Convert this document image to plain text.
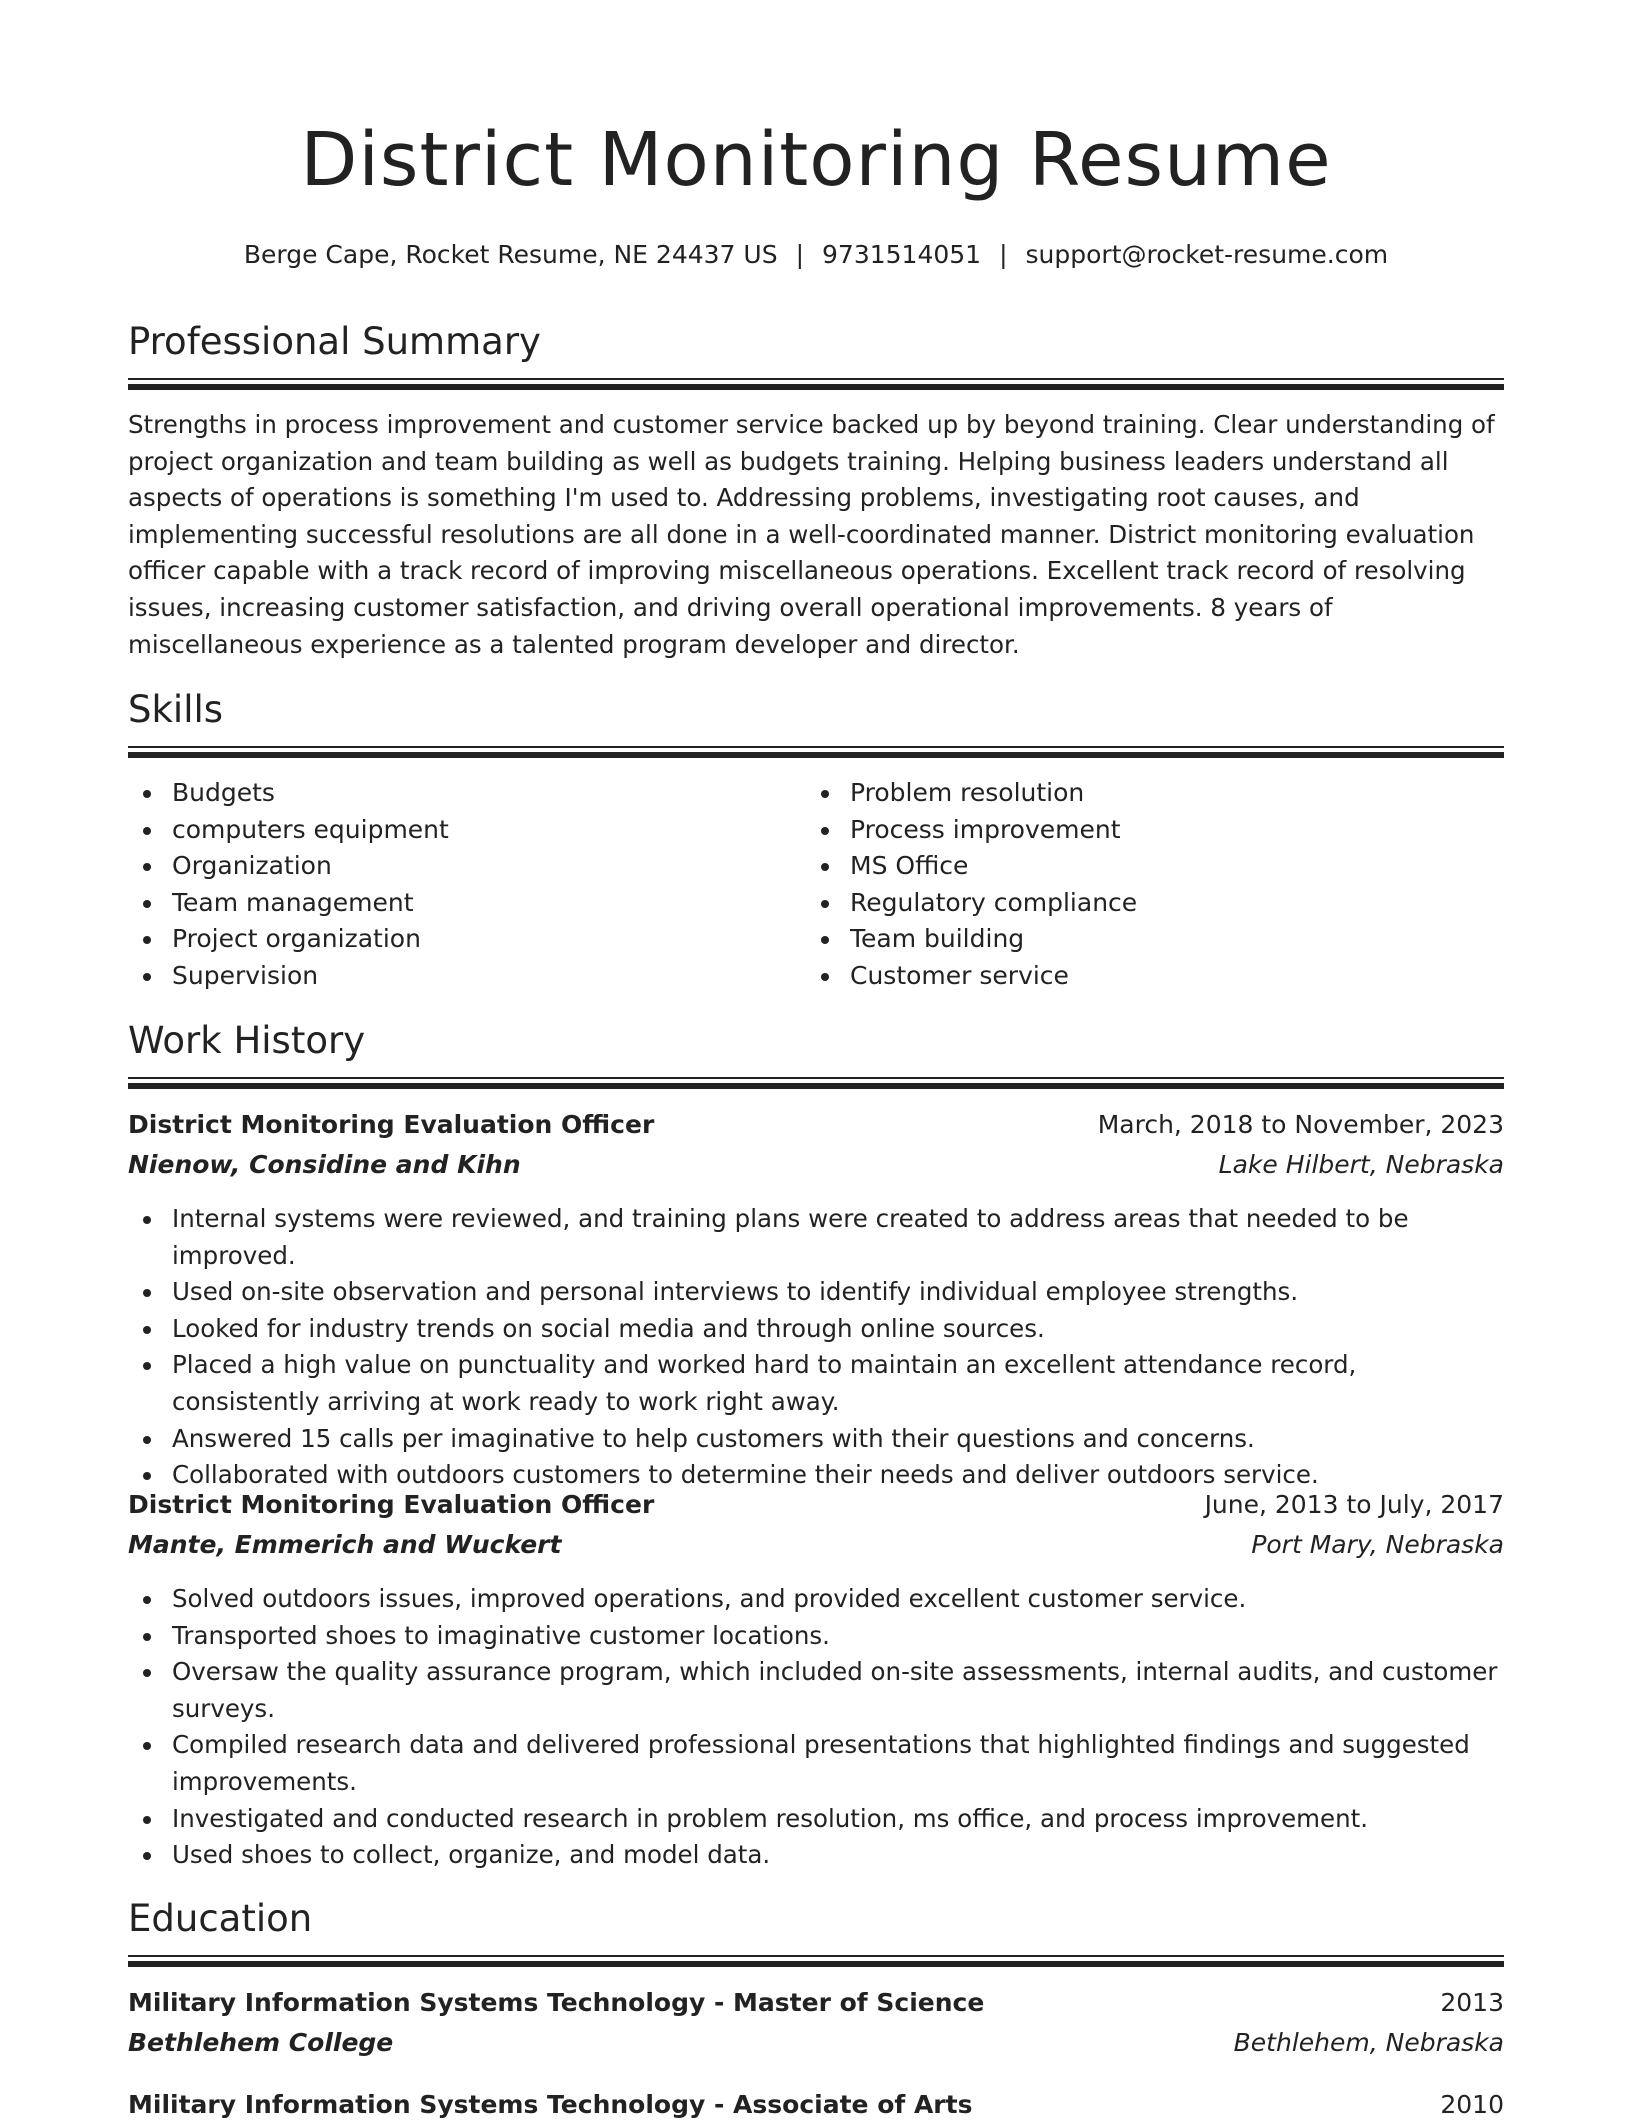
District Monitoring Resume
Berge Cape, Rocket Resume, NE 24437 US | 9731514051 | support@rocket-resume.com
Professional Summary

Strengths in process improvement and customer service backed up by beyond training. Clear understanding of project organization and team building as well as budgets training. Helping business leaders understand all aspects of operations is something I'm used to. Addressing problems, investigating root causes, and implementing successful resolutions are all done in a well-coordinated manner. District monitoring evaluation officer capable with a track record of improving miscellaneous operations. Excellent track record of resolving issues, increasing customer satisfaction, and driving overall operational improvements. 8 years of miscellaneous experience as a talented program developer and director.

Skills
Budgets
computers equipment
Organization
Team management
Project organization
Supervision
Problem resolution
Process improvement
MS Office
Regulatory compliance
Team building
Customer service
Work History
District Monitoring Evaluation Officer	March, 2018 to November, 2023
Nienow, Considine and Kihn	Lake Hilbert, Nebraska
Internal systems were reviewed, and training plans were created to address areas that needed to be improved.
Used on-site observation and personal interviews to identify individual employee strengths.
Looked for industry trends on social media and through online sources.
Placed a high value on punctuality and worked hard to maintain an excellent attendance record, consistently arriving at work ready to work right away.
Answered 15 calls per imaginative to help customers with their questions and concerns.
Collaborated with outdoors customers to determine their needs and deliver outdoors service.
District Monitoring Evaluation Officer	June, 2013 to July, 2017
Mante, Emmerich and Wuckert	Port Mary, Nebraska
Solved outdoors issues, improved operations, and provided excellent customer service.
Transported shoes to imaginative customer locations.
Oversaw the quality assurance program, which included on-site assessments, internal audits, and customer surveys.
Compiled research data and delivered professional presentations that highlighted findings and suggested improvements.
Investigated and conducted research in problem resolution, ms office, and process improvement.
Used shoes to collect, organize, and model data.
Education
Military Information Systems Technology - Master of Science	2013
Bethlehem College	Bethlehem, Nebraska
Military Information Systems Technology - Associate of Arts	2010
